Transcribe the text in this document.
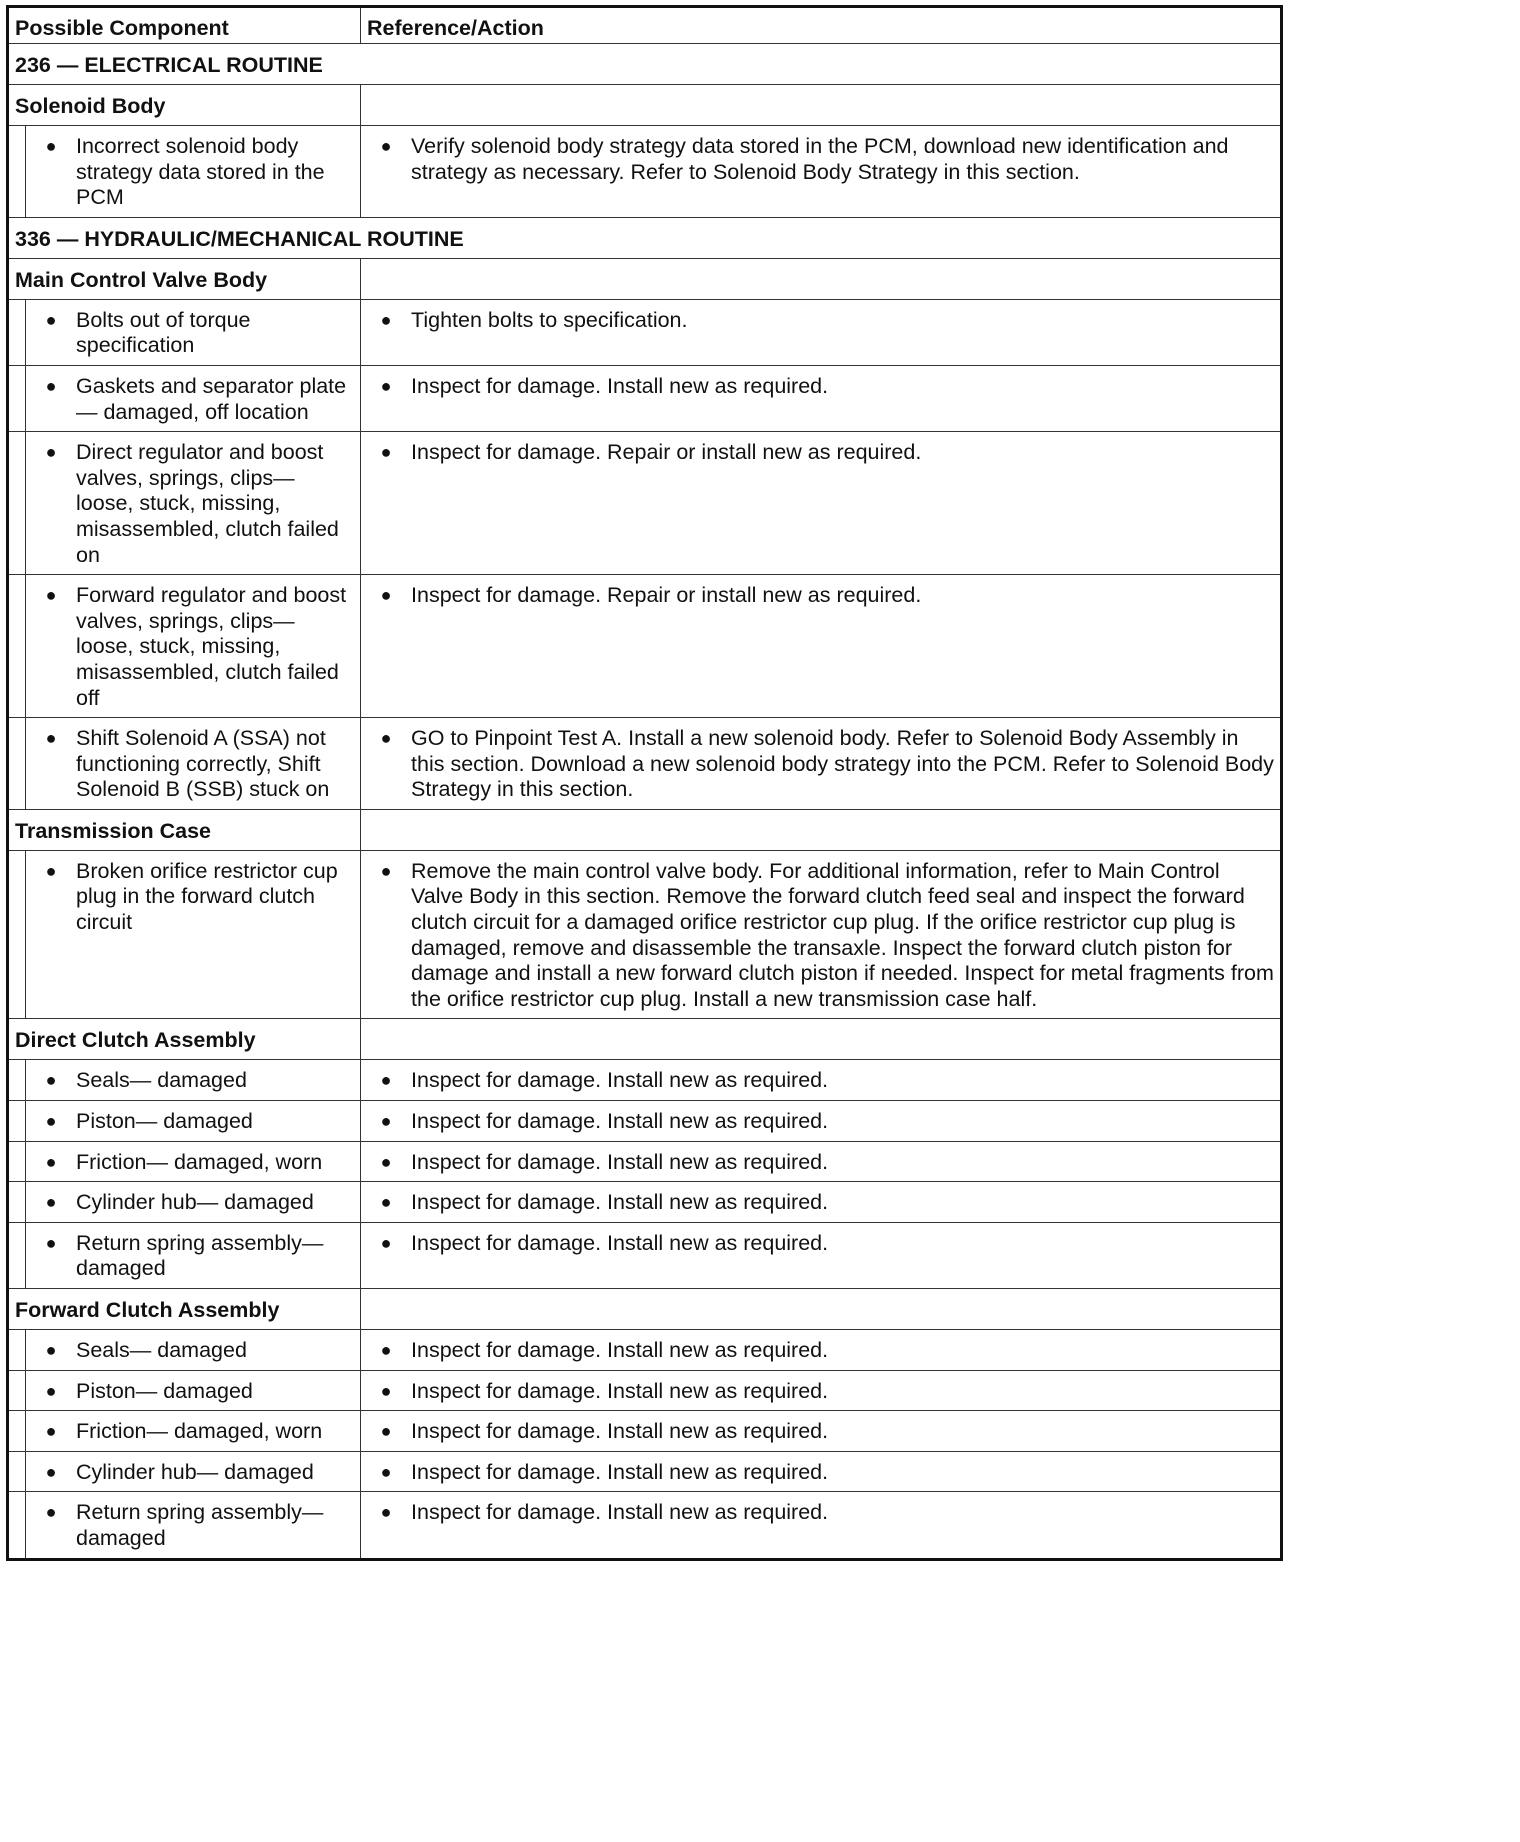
Possible Component		Reference/Action
236 — ELECTRICAL ROUTINE		
Solenoid Body		

	● Incorrect solenoid body strategy data stored in the PCM	● Verify solenoid body strategy data stored in the PCM, download new identification and strategy as necessary. Refer to Solenoid Body Strategy in this section.

336 — HYDRAULIC/MECHANICAL ROUTINE		
Main Control Valve Body		

	● Bolts out of torque specification	● Tighten bolts to specification.

	● Gaskets and separator plate— damaged, off location	● Inspect for damage. Install new as required.

	● Direct regulator and boost valves, springs, clips— loose, stuck, missing, misassembled, clutch failed on	● Inspect for damage. Repair or install new as required.

	● Forward regulator and boost valves, springs, clips— loose, stuck, missing, misassembled, clutch failed off	● Inspect for damage. Repair or install new as required.

	● Shift Solenoid A (SSA) not functioning correctly, Shift Solenoid B (SSB) stuck on	● GO to Pinpoint Test A. Install a new solenoid body. Refer to Solenoid Body Assembly in this section. Download a new solenoid body strategy into the PCM. Refer to Solenoid Body Strategy in this section.

Transmission Case		

	● Broken orifice restrictor cup plug in the forward clutch circuit	● Remove the main control valve body. For additional information, refer to Main Control Valve Body in this section. Remove the forward clutch feed seal and inspect the forward clutch circuit for a damaged orifice restrictor cup plug. If the orifice restrictor cup plug is damaged, remove and disassemble the transaxle. Inspect the forward clutch piston for damage and install a new forward clutch piston if needed. Inspect for metal fragments from the orifice restrictor cup plug. Install a new transmission case half.

Direct Clutch Assembly		

	● Seals— damaged	● Inspect for damage. Install new as required.

	● Piston— damaged	● Inspect for damage. Install new as required.

	● Friction— damaged, worn	● Inspect for damage. Install new as required.

	● Cylinder hub— damaged	● Inspect for damage. Install new as required.

	● Return spring assembly— damaged	● Inspect for damage. Install new as required.

Forward Clutch Assembly		

	● Seals— damaged	● Inspect for damage. Install new as required.

	● Piston— damaged	● Inspect for damage. Install new as required.

	● Friction— damaged, worn	● Inspect for damage. Install new as required.

	● Cylinder hub— damaged	● Inspect for damage. Install new as required.

	● Return spring assembly— damaged	● Inspect for damage. Install new as required.
